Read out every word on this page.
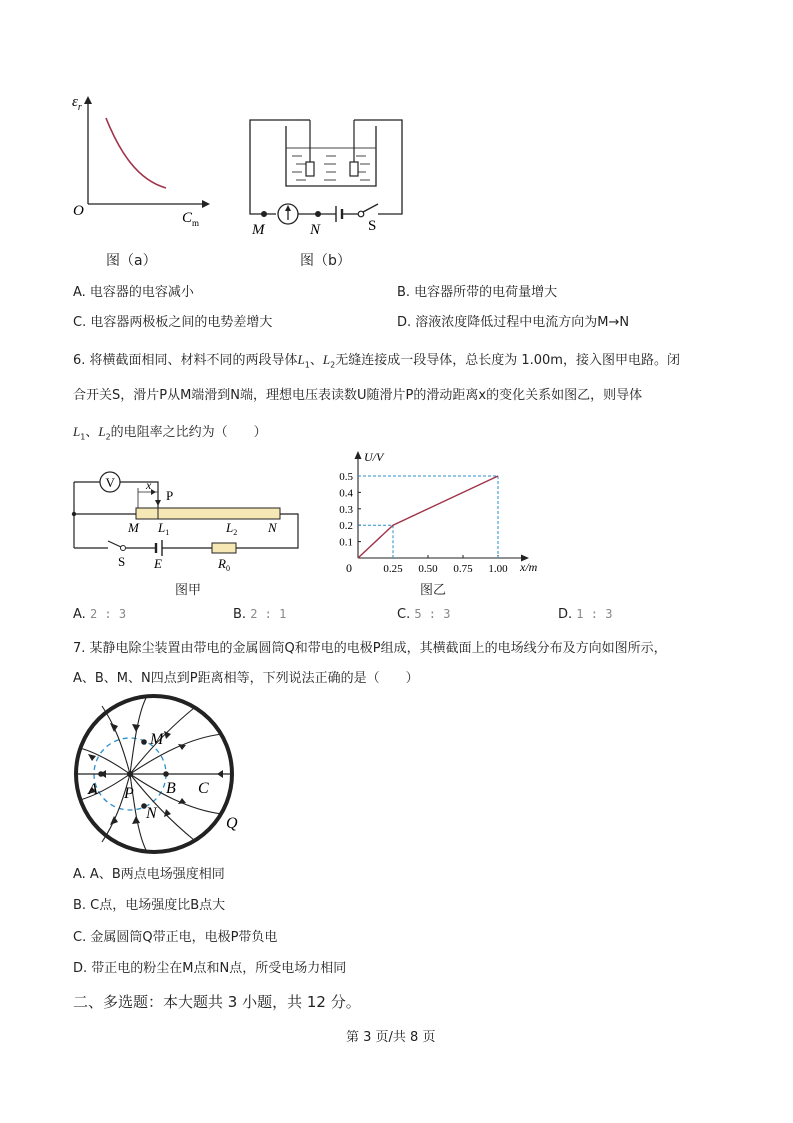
$\varepsilon_r$
O	$C_m$
图（a）
M	N	S
图（b）
A. 电容器的电容减小	B. 电容器所带的电荷量增大
C. 电容器两极板之间的电势差增大	D. 溶液浓度降低过程中电流方向为M→N
6. 将横截面相同、材料不同的两段导体$L_1$、$L_2$无缝连接成一段导体，总长度为 1.00m，接入图甲电路。闭
合开关S，滑片P从M端滑到N端，理想电压表读数U随滑片P的滑动距离x的变化关系如图乙，则导体
$L_1$、$L_2$的电阻率之比约为（　　）
V	x
P
M $L_1$	$L_2$ N
S E	$R_0$
图甲
U/V
x/m
0	0.25 0.50 0.75 1.00
0.1
0.2
0.3
0.4
0.5
图乙
A. 2 : 3	B. 2 : 1	C. 5 : 3	D. 1 : 3
7. 某静电除尘装置由带电的金属圆筒Q和带电的电极P组成，其横截面上的电场线分布及方向如图所示，
A、B、M、N四点到P距离相等，下列说法正确的是（　　）
M
A P B C
N
Q
A. A、B两点电场强度相同
B. C点，电场强度比B点大
C. 金属圆筒Q带正电，电极P带负电
D. 带正电的粉尘在M点和N点，所受电场力相同
二、多选题：本大题共 3 小题，共 12 分。
第 3 页/共 8 页
